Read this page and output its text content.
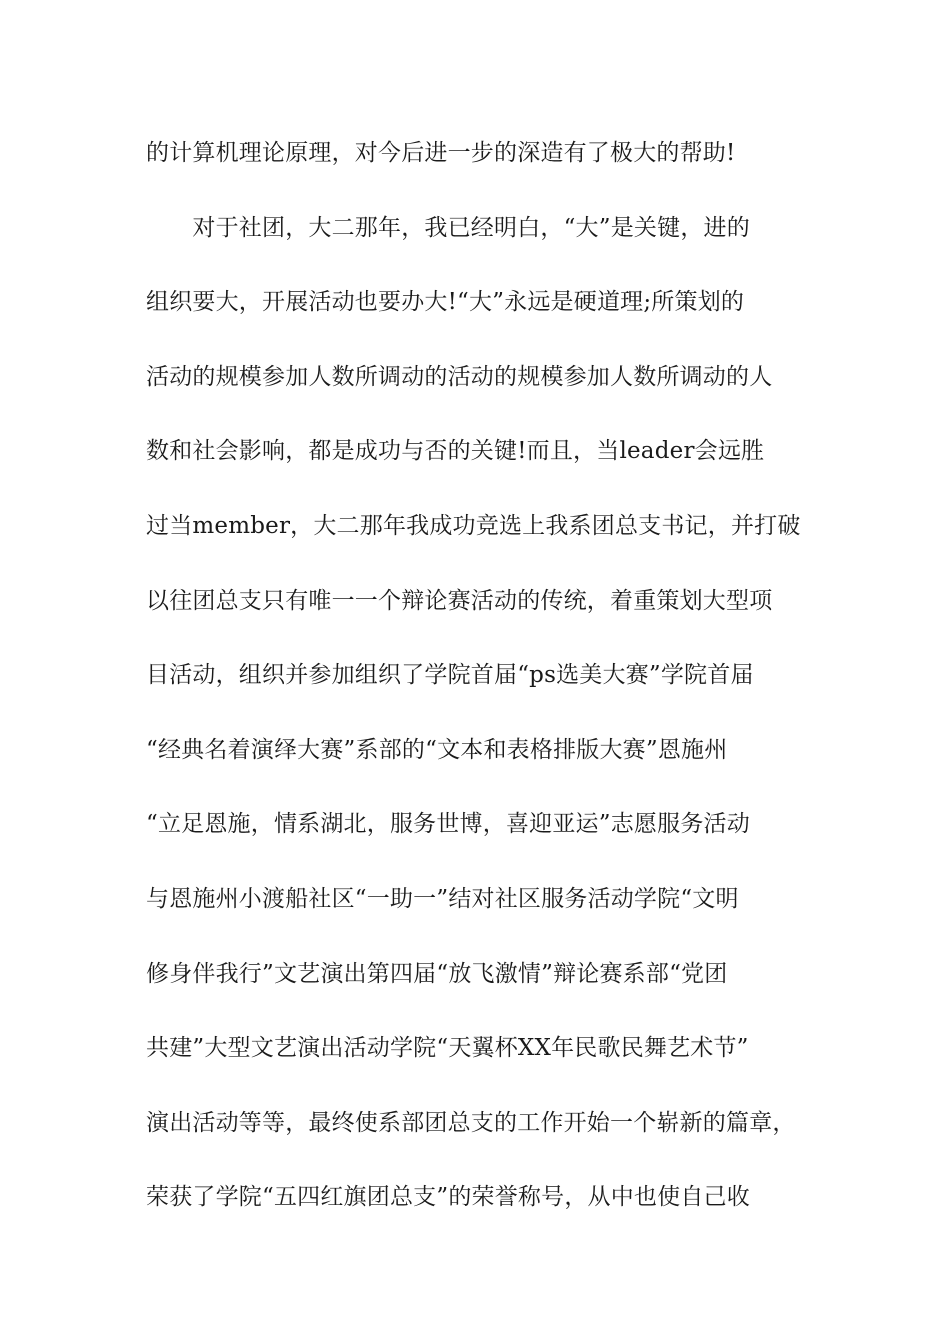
的计算机理论原理，对今后进一步的深造有了极大的帮助!
　　对于社团，大二那年，我已经明白，“大”是关键，进的
组织要大，开展活动也要办大!“大”永远是硬道理;所策划的
活动的规模参加人数所调动的活动的规模参加人数所调动的人
数和社会影响，都是成功与否的关键!而且，当leader会远胜
过当member，大二那年我成功竞选上我系团总支书记，并打破
以往团总支只有唯一一个辩论赛活动的传统，着重策划大型项
目活动，组织并参加组织了学院首届“ps选美大赛”学院首届
“经典名着演绎大赛”系部的“文本和表格排版大赛”恩施州
“立足恩施，情系湖北，服务世博，喜迎亚运”志愿服务活动
与恩施州小渡船社区“一助一”结对社区服务活动学院“文明
修身伴我行”文艺演出第四届“放飞激情”辩论赛系部“党团
共建”大型文艺演出活动学院“天翼杯XX年民歌民舞艺术节”
演出活动等等，最终使系部团总支的工作开始一个崭新的篇章，
荣获了学院“五四红旗团总支”的荣誉称号，从中也使自己收
